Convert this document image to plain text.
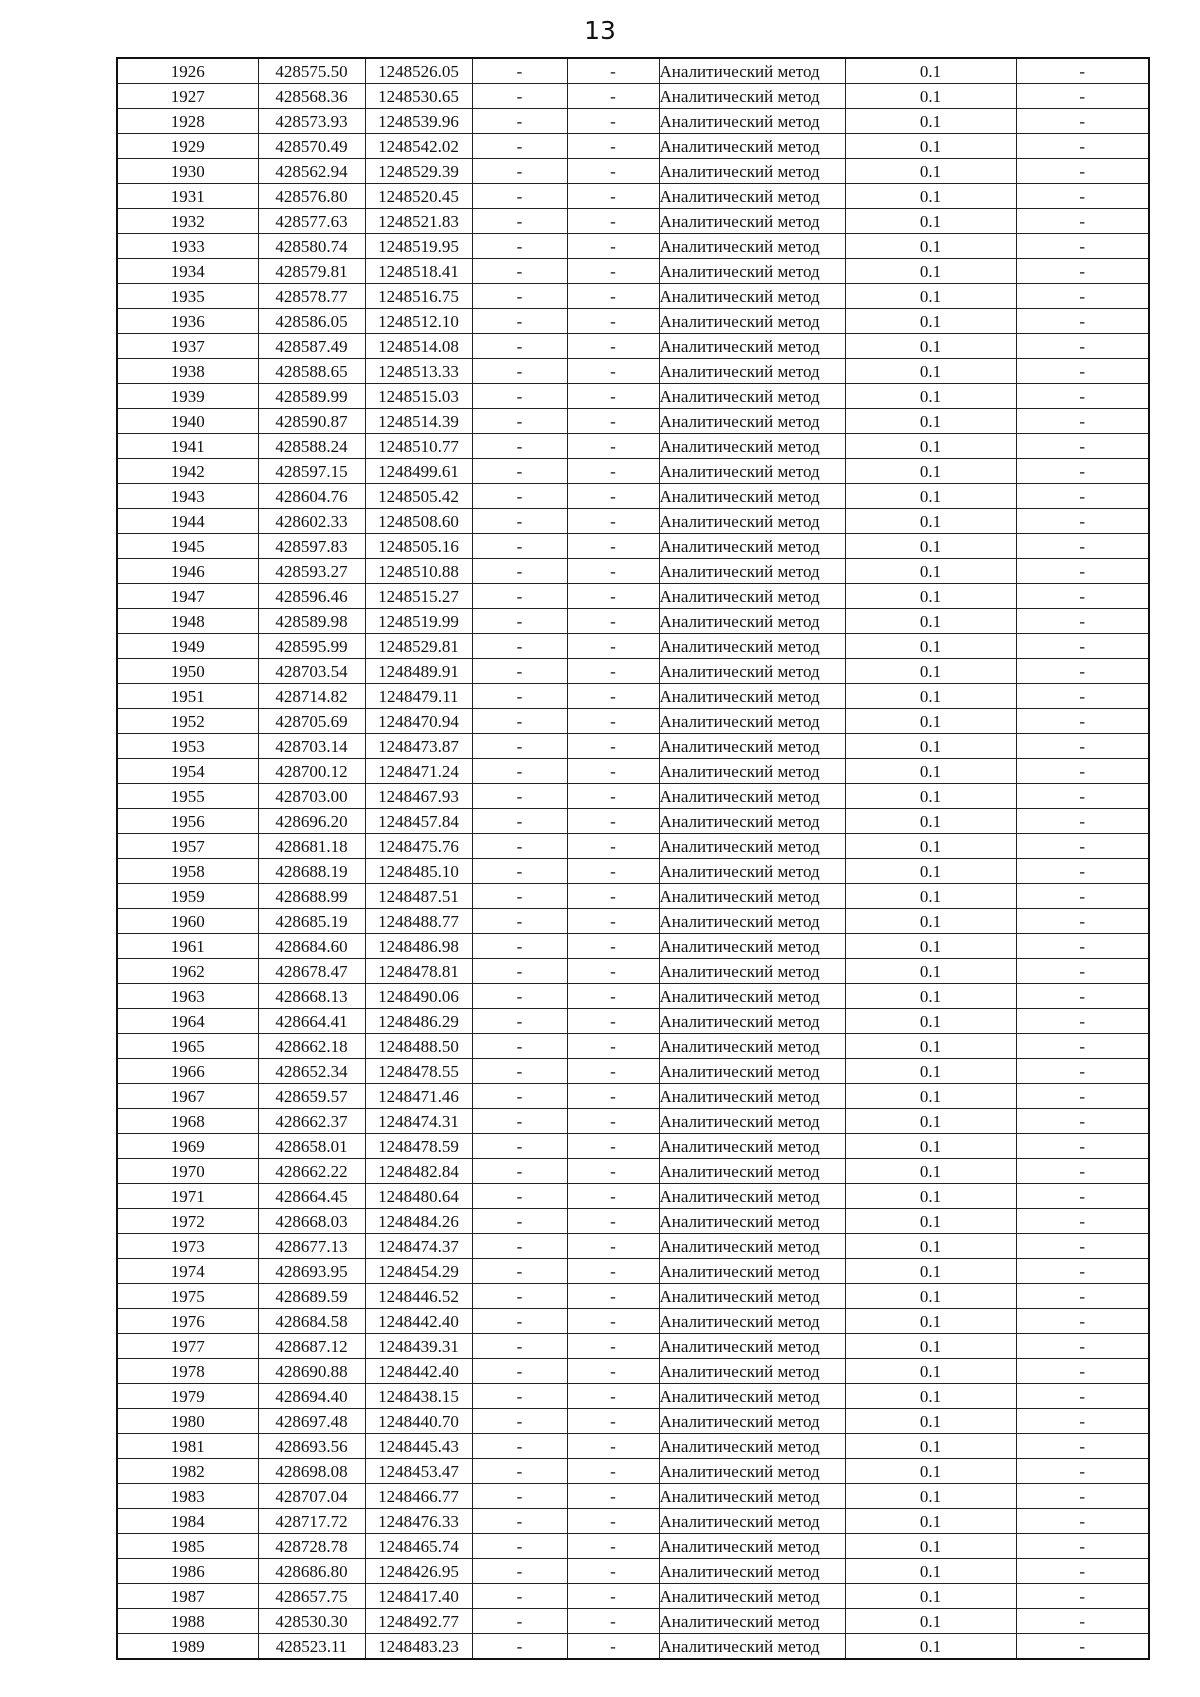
13
1926	428575.50	1248526.05	-	-	Аналитический метод	0.1	-
1927	428568.36	1248530.65	-	-	Аналитический метод	0.1	-
1928	428573.93	1248539.96	-	-	Аналитический метод	0.1	-
1929	428570.49	1248542.02	-	-	Аналитический метод	0.1	-
1930	428562.94	1248529.39	-	-	Аналитический метод	0.1	-
1931	428576.80	1248520.45	-	-	Аналитический метод	0.1	-
1932	428577.63	1248521.83	-	-	Аналитический метод	0.1	-
1933	428580.74	1248519.95	-	-	Аналитический метод	0.1	-
1934	428579.81	1248518.41	-	-	Аналитический метод	0.1	-
1935	428578.77	1248516.75	-	-	Аналитический метод	0.1	-
1936	428586.05	1248512.10	-	-	Аналитический метод	0.1	-
1937	428587.49	1248514.08	-	-	Аналитический метод	0.1	-
1938	428588.65	1248513.33	-	-	Аналитический метод	0.1	-
1939	428589.99	1248515.03	-	-	Аналитический метод	0.1	-
1940	428590.87	1248514.39	-	-	Аналитический метод	0.1	-
1941	428588.24	1248510.77	-	-	Аналитический метод	0.1	-
1942	428597.15	1248499.61	-	-	Аналитический метод	0.1	-
1943	428604.76	1248505.42	-	-	Аналитический метод	0.1	-
1944	428602.33	1248508.60	-	-	Аналитический метод	0.1	-
1945	428597.83	1248505.16	-	-	Аналитический метод	0.1	-
1946	428593.27	1248510.88	-	-	Аналитический метод	0.1	-
1947	428596.46	1248515.27	-	-	Аналитический метод	0.1	-
1948	428589.98	1248519.99	-	-	Аналитический метод	0.1	-
1949	428595.99	1248529.81	-	-	Аналитический метод	0.1	-
1950	428703.54	1248489.91	-	-	Аналитический метод	0.1	-
1951	428714.82	1248479.11	-	-	Аналитический метод	0.1	-
1952	428705.69	1248470.94	-	-	Аналитический метод	0.1	-
1953	428703.14	1248473.87	-	-	Аналитический метод	0.1	-
1954	428700.12	1248471.24	-	-	Аналитический метод	0.1	-
1955	428703.00	1248467.93	-	-	Аналитический метод	0.1	-
1956	428696.20	1248457.84	-	-	Аналитический метод	0.1	-
1957	428681.18	1248475.76	-	-	Аналитический метод	0.1	-
1958	428688.19	1248485.10	-	-	Аналитический метод	0.1	-
1959	428688.99	1248487.51	-	-	Аналитический метод	0.1	-
1960	428685.19	1248488.77	-	-	Аналитический метод	0.1	-
1961	428684.60	1248486.98	-	-	Аналитический метод	0.1	-
1962	428678.47	1248478.81	-	-	Аналитический метод	0.1	-
1963	428668.13	1248490.06	-	-	Аналитический метод	0.1	-
1964	428664.41	1248486.29	-	-	Аналитический метод	0.1	-
1965	428662.18	1248488.50	-	-	Аналитический метод	0.1	-
1966	428652.34	1248478.55	-	-	Аналитический метод	0.1	-
1967	428659.57	1248471.46	-	-	Аналитический метод	0.1	-
1968	428662.37	1248474.31	-	-	Аналитический метод	0.1	-
1969	428658.01	1248478.59	-	-	Аналитический метод	0.1	-
1970	428662.22	1248482.84	-	-	Аналитический метод	0.1	-
1971	428664.45	1248480.64	-	-	Аналитический метод	0.1	-
1972	428668.03	1248484.26	-	-	Аналитический метод	0.1	-
1973	428677.13	1248474.37	-	-	Аналитический метод	0.1	-
1974	428693.95	1248454.29	-	-	Аналитический метод	0.1	-
1975	428689.59	1248446.52	-	-	Аналитический метод	0.1	-
1976	428684.58	1248442.40	-	-	Аналитический метод	0.1	-
1977	428687.12	1248439.31	-	-	Аналитический метод	0.1	-
1978	428690.88	1248442.40	-	-	Аналитический метод	0.1	-
1979	428694.40	1248438.15	-	-	Аналитический метод	0.1	-
1980	428697.48	1248440.70	-	-	Аналитический метод	0.1	-
1981	428693.56	1248445.43	-	-	Аналитический метод	0.1	-
1982	428698.08	1248453.47	-	-	Аналитический метод	0.1	-
1983	428707.04	1248466.77	-	-	Аналитический метод	0.1	-
1984	428717.72	1248476.33	-	-	Аналитический метод	0.1	-
1985	428728.78	1248465.74	-	-	Аналитический метод	0.1	-
1986	428686.80	1248426.95	-	-	Аналитический метод	0.1	-
1987	428657.75	1248417.40	-	-	Аналитический метод	0.1	-
1988	428530.30	1248492.77	-	-	Аналитический метод	0.1	-
1989	428523.11	1248483.23	-	-	Аналитический метод	0.1	-
